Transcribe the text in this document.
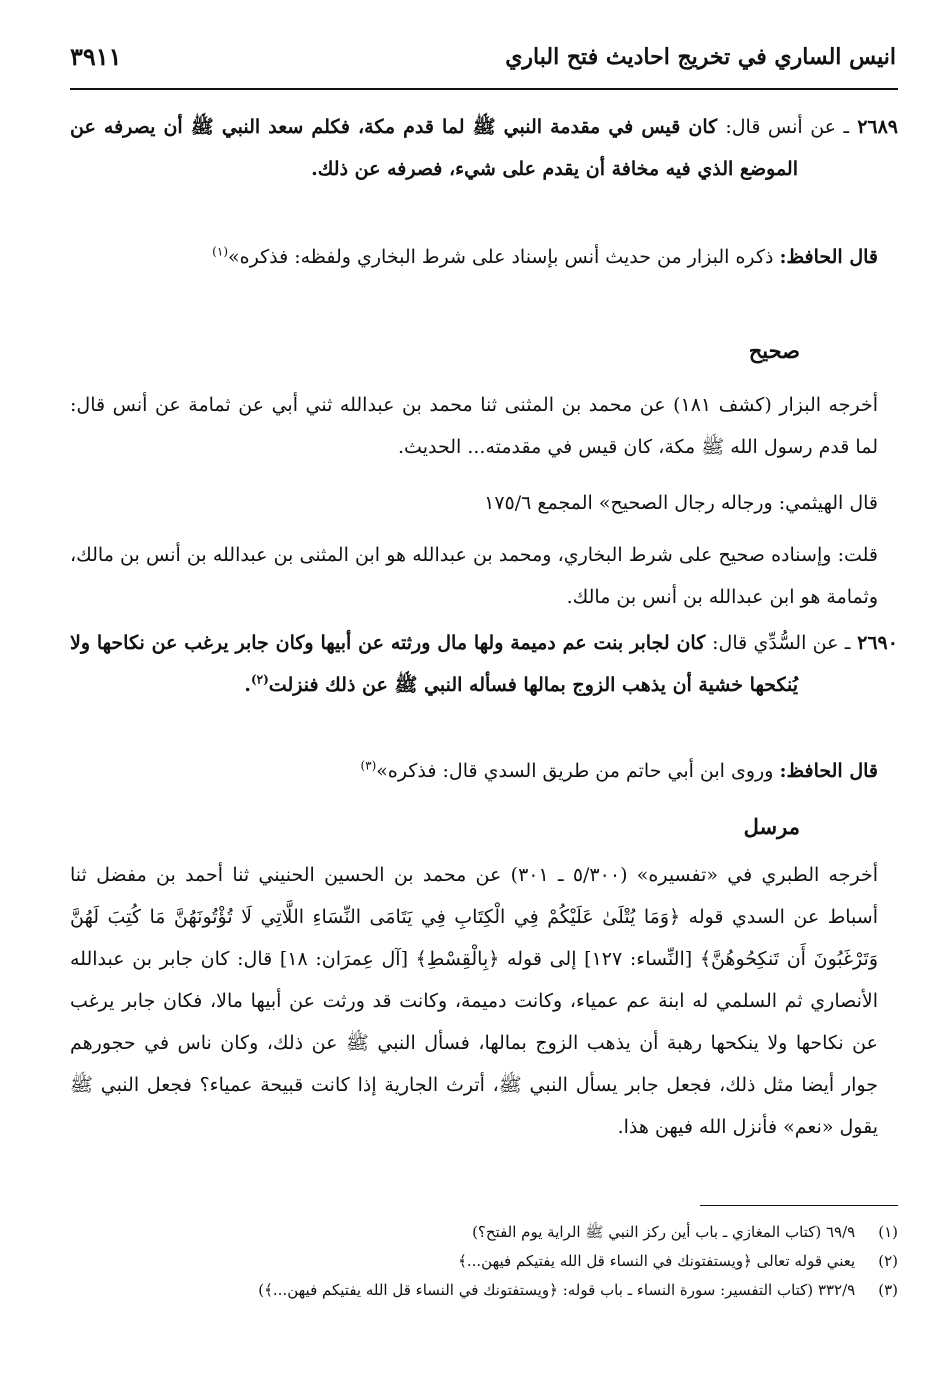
انيس الساري في تخريج احاديث فتح الباري
٣٩١١

٢٦٨٩ ـ عن أنس قال: كان قيس في مقدمة النبي ﷺ لما قدم مكة، فكلم سعد النبي ﷺ أن يصرفه عن الموضع الذي فيه مخافة أن يقدم على شيء، فصرفه عن ذلك.

قال الحافظ: ذكره البزار من حديث أنس بإسناد على شرط البخاري ولفظه: فذكره»$^{(١)}$

صحيح

أخرجه البزار (كشف ١٨١) عن محمد بن المثنى ثنا محمد بن عبدالله ثني أبي عن ثمامة عن أنس قال: لما قدم رسول الله ﷺ مكة، كان قيس في مقدمته... الحديث.

قال الهيثمي: ورجاله رجال الصحيح» المجمع ١٧٥/٦

قلت: وإسناده صحيح على شرط البخاري، ومحمد بن عبدالله هو ابن المثنى بن عبدالله بن أنس بن مالك، وثمامة هو ابن عبدالله بن أنس بن مالك.

٢٦٩٠ ـ عن السُّدِّي قال: كان لجابر بنت عم دميمة ولها مال ورثته عن أبيها وكان جابر يرغب عن نكاحها ولا يُنكحها خشية أن يذهب الزوج بمالها فسأله النبي ﷺ عن ذلك فنزلت$^{(٢)}$.

قال الحافظ: وروى ابن أبي حاتم من طريق السدي قال: فذكره»$^{(٣)}$

مرسل

أخرجه الطبري في «تفسيره» (٥/٣٠٠ ـ ٣٠١) عن محمد بن الحسين الحنيني ثنا أحمد بن مفضل ثنا أسباط عن السدي قوله ﴿وَمَا يُتْلَىٰ عَلَيْكُمْ فِي الْكِتَابِ فِي يَتَامَى النِّسَاءِ اللَّاتِي لَا تُؤْتُونَهُنَّ مَا كُتِبَ لَهُنَّ وَتَرْغَبُونَ أَن تَنكِحُوهُنَّ﴾ [النِّساء: ١٢٧] إلى قوله ﴿بِالْقِسْطِ﴾ [آل عِمرَان: ١٨] قال: كان جابر بن عبدالله الأنصاري ثم السلمي له ابنة عم عمياء، وكانت دميمة، وكانت قد ورثت عن أبيها مالا، فكان جابر يرغب عن نكاحها ولا ينكحها رهبة أن يذهب الزوج بمالها، فسأل النبي ﷺ عن ذلك، وكان ناس في حجورهم جوار أيضا مثل ذلك، فجعل جابر يسأل النبي ﷺ، أترث الجارية إذا كانت قبيحة عمياء؟ فجعل النبي ﷺ يقول «نعم» فأنزل الله فيهن هذا.

(١) ٦٩/٩ (كتاب المغازي ـ باب أين ركز النبي ﷺ الراية يوم الفتح؟)
(٢) يعني قوله تعالى ﴿ويستفتونك في النساء قل الله يفتيكم فيهن...﴾
(٣) ٣٣٢/٩ (كتاب التفسير: سورة النساء ـ باب قوله: ﴿ويستفتونك في النساء قل الله يفتيكم فيهن...﴾)
